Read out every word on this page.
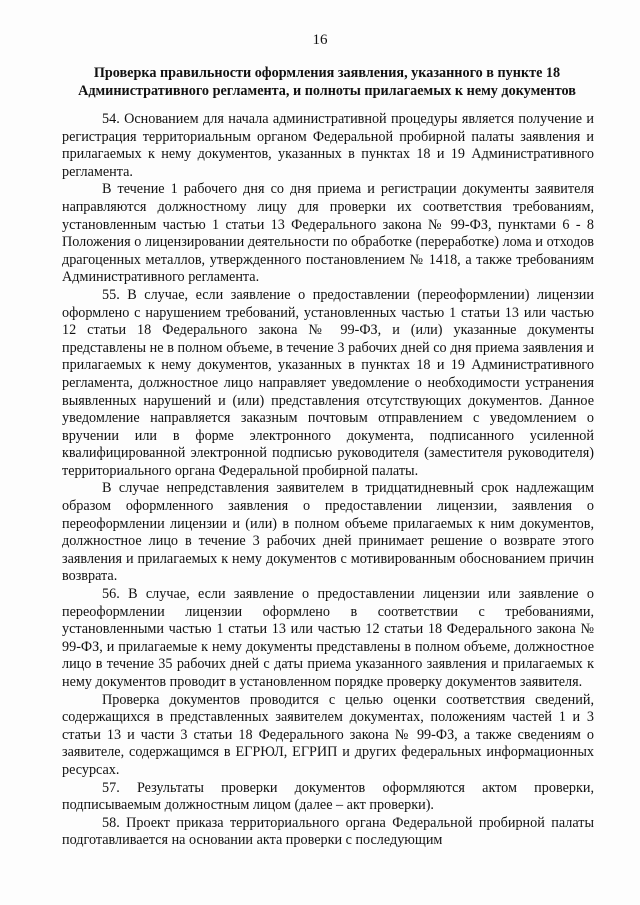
16
Проверка правильности оформления заявления, указанного в пункте 18 Административного регламента, и полноты прилагаемых к нему документов

54. Основанием для начала административной процедуры является получение и регистрация территориальным органом Федеральной пробирной палаты заявления и прилагаемых к нему документов, указанных в пунктах 18 и 19 Административного регламента.

В течение 1 рабочего дня со дня приема и регистрации документы заявителя направляются должностному лицу для проверки их соответствия требованиям, установленным частью 1 статьи 13 Федерального закона № 99-ФЗ, пунктами 6 - 8 Положения о лицензировании деятельности по обработке (переработке) лома и отходов драгоценных металлов, утвержденного постановлением № 1418, а также требованиям Административного регламента.

55. В случае, если заявление о предоставлении (переоформлении) лицензии оформлено с нарушением требований, установленных частью 1 статьи 13 или частью 12 статьи 18 Федерального закона № 99-ФЗ, и (или) указанные документы представлены не в полном объеме, в течение 3 рабочих дней со дня приема заявления и прилагаемых к нему документов, указанных в пунктах 18 и 19 Административного регламента, должностное лицо направляет уведомление о необходимости устранения выявленных нарушений и (или) представления отсутствующих документов. Данное уведомление направляется заказным почтовым отправлением с уведомлением о вручении или в форме электронного документа, подписанного усиленной квалифицированной электронной подписью руководителя (заместителя руководителя) территориального органа Федеральной пробирной палаты.

В случае непредставления заявителем в тридцатидневный срок надлежащим образом оформленного заявления о предоставлении лицензии, заявления о переоформлении лицензии и (или) в полном объеме прилагаемых к ним документов, должностное лицо в течение 3 рабочих дней принимает решение о возврате этого заявления и прилагаемых к нему документов с мотивированным обоснованием причин возврата.

56. В случае, если заявление о предоставлении лицензии или заявление о переоформлении лицензии оформлено в соответствии с требованиями, установленными частью 1 статьи 13 или частью 12 статьи 18 Федерального закона № 99-ФЗ, и прилагаемые к нему документы представлены в полном объеме, должностное лицо в течение 35 рабочих дней с даты приема указанного заявления и прилагаемых к нему документов проводит в установленном порядке проверку документов заявителя.

Проверка документов проводится с целью оценки соответствия сведений, содержащихся в представленных заявителем документах, положениям частей 1 и 3 статьи 13 и части 3 статьи 18 Федерального закона № 99-ФЗ, а также сведениям о заявителе, содержащимся в ЕГРЮЛ, ЕГРИП и других федеральных информационных ресурсах.

57. Результаты проверки документов оформляются актом проверки, подписываемым должностным лицом (далее – акт проверки).

58. Проект приказа территориального органа Федеральной пробирной палаты подготавливается на основании акта проверки с последующим
